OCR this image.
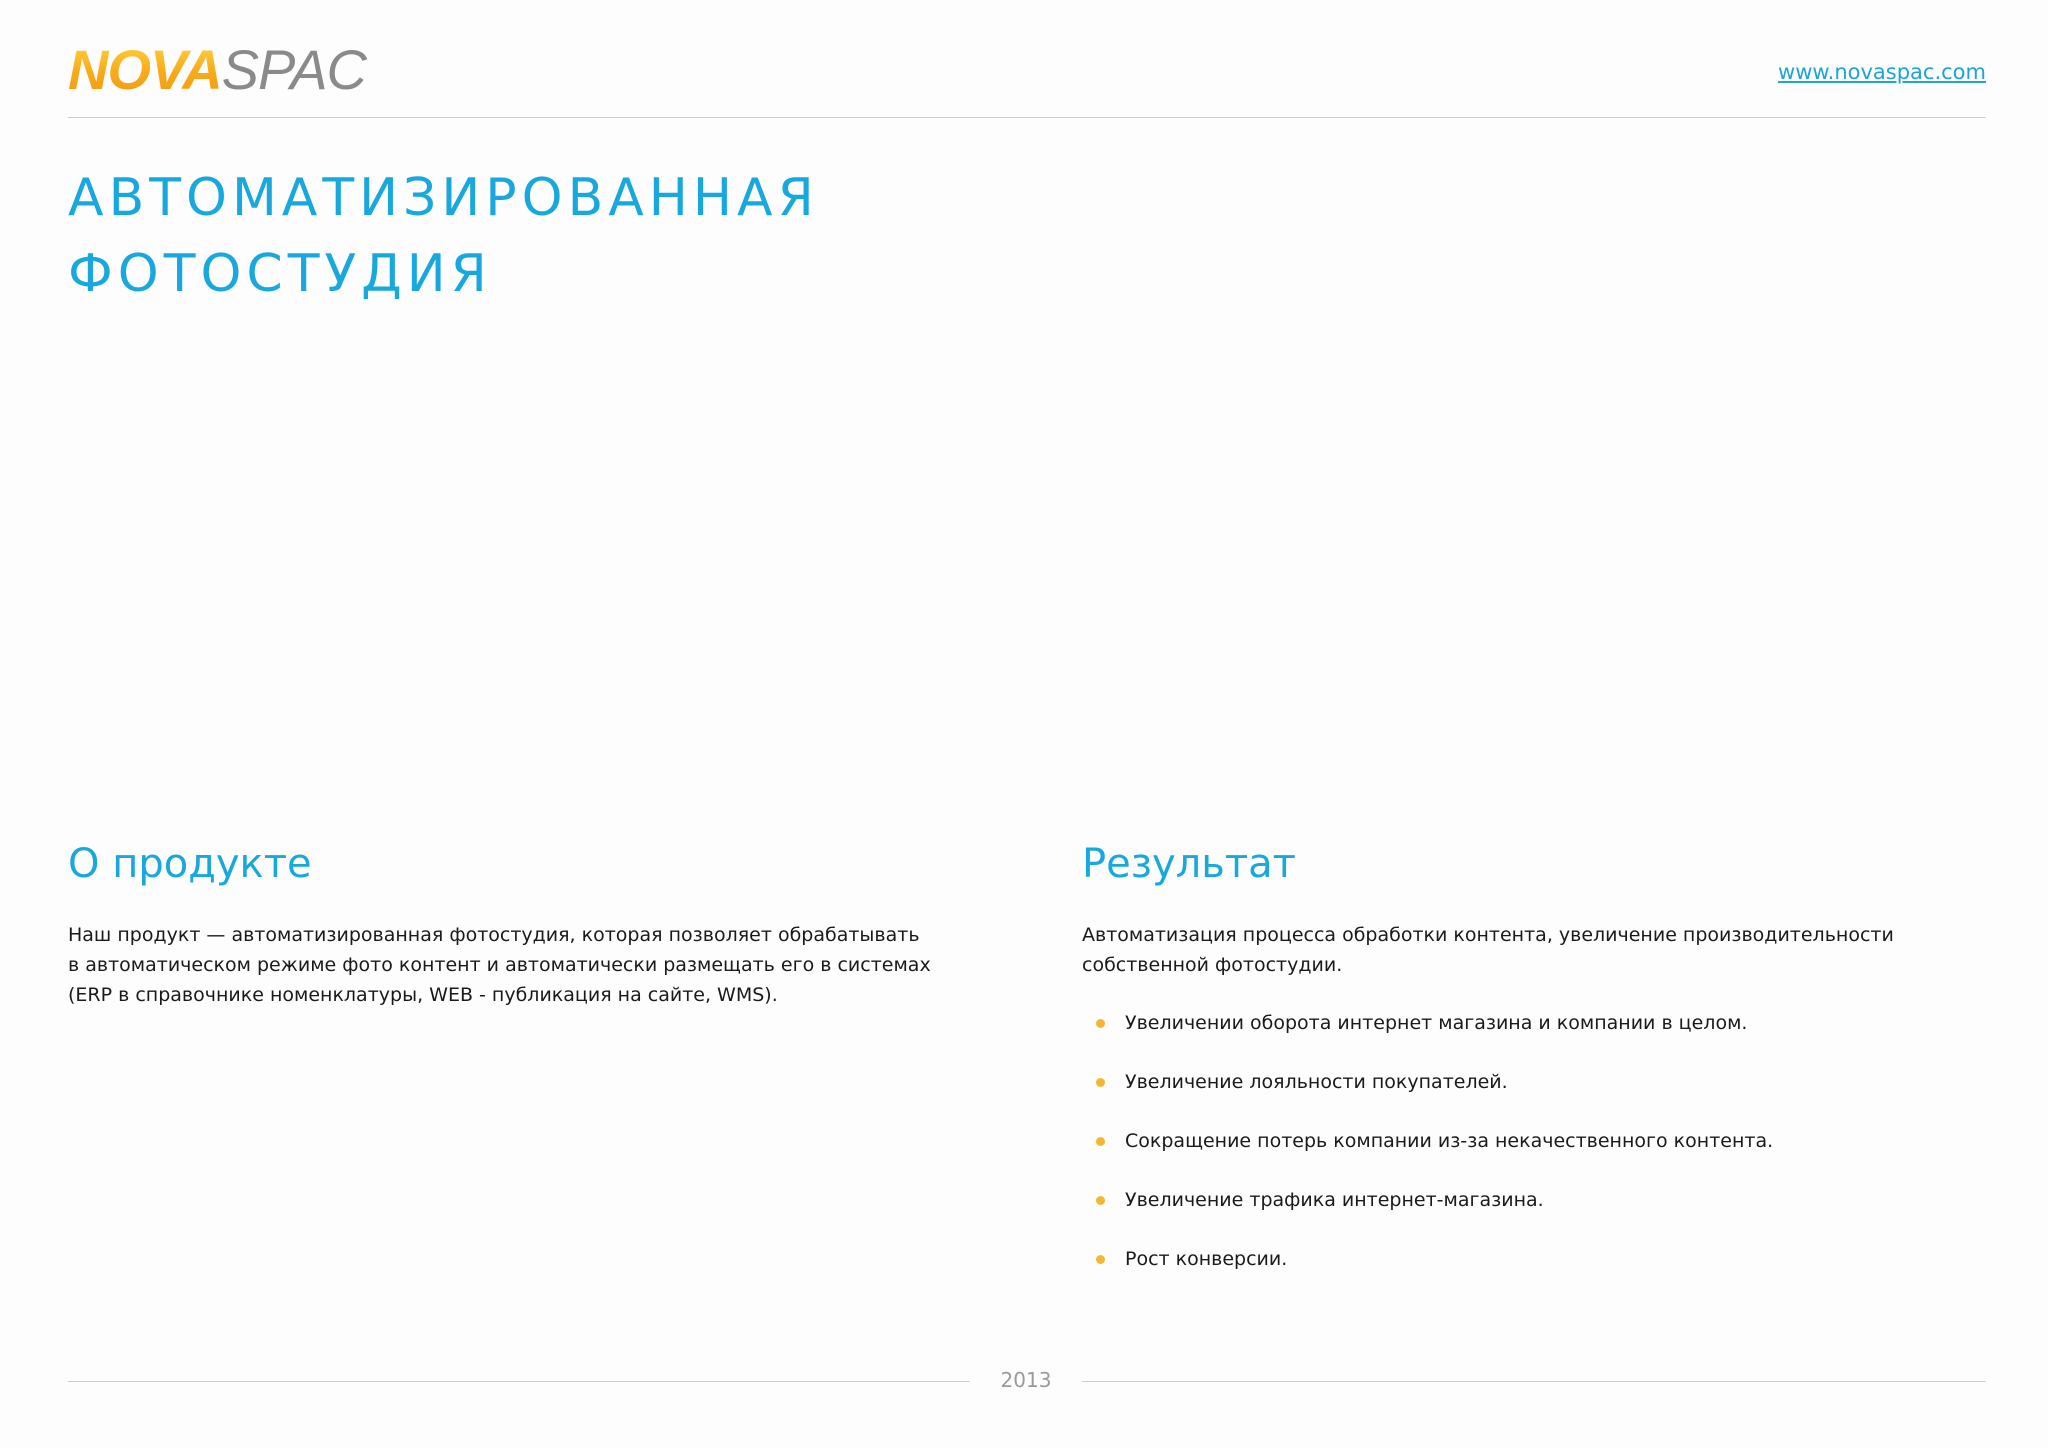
NOVA SPAC	www.novaspac.com
АВТОМАТИЗИРОВАННАЯ
ФОТОСТУДИЯ
О продукте

Наш продукт — автоматизированная фотостудия, которая позволяет обрабатывать
в автоматическом режиме фото контент и автоматически размещать его в системах
(ERP в справочнике номенклатуры, WEB - публикация на сайте, WMS).

Результат

Автоматизация процесса обработки контента, увеличение производительности
собственной фотостудии.

Увеличении оборота интернет магазина и компании в целом.
Увеличение лояльности покупателей.
Сокращение потерь компании из-за некачественного контента.
Увеличение трафика интернет-магазина.
Рост конверсии.
2013
